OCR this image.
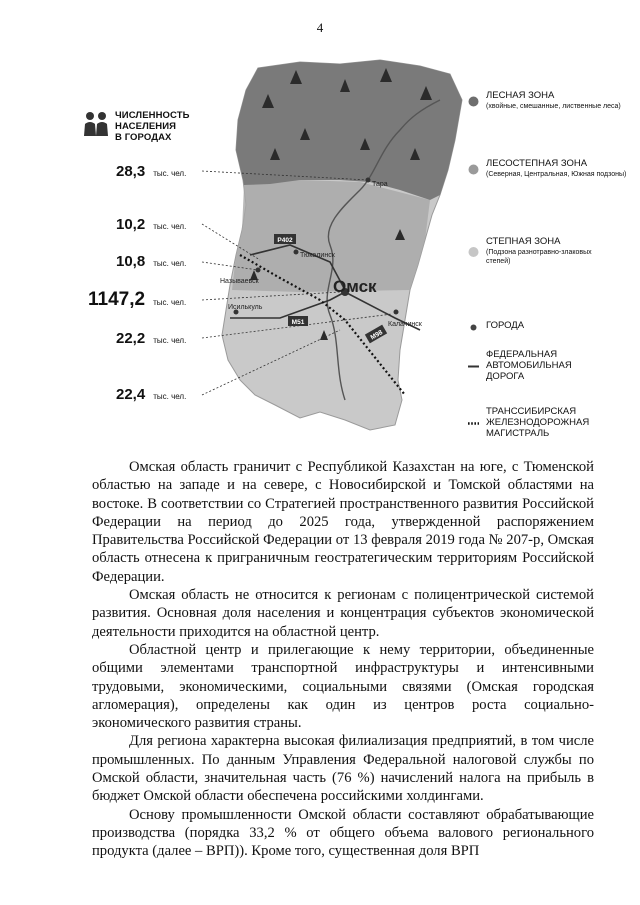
4
Р402
М51
М98
Тара
Тюкалинск
Называевск
Исилькуль
Калачинск
Омск
ЧИСЛЕННОСТЬ
НАСЕЛЕНИЯ
В ГОРОДАХ
28,3 тыс. чел.
10,2 тыс. чел.
10,8 тыс. чел.
1147,2 тыс. чел.
22,2 тыс. чел.
22,4 тыс. чел.
ЛЕСНАЯ ЗОНА
(хвойные, смешанные, лиственные леса)
ЛЕСОСТЕПНАЯ ЗОНА
(Северная, Центральная, Южная подзоны)
СТЕПНАЯ ЗОНА
(Подзона разнотравно-злаковых степей)
ГОРОДА
ФЕДЕРАЛЬНАЯ АВТОМОБИЛЬНАЯ ДОРОГА
ТРАНССИБИРСКАЯ ЖЕЛЕЗНОДОРОЖНАЯ МАГИСТРАЛЬ

Омская область граничит с Республикой Казахстан на юге, с Тюменской областью на западе и на севере, с Новосибирской и Томской областями на востоке. В соответствии со Стратегией пространственного развития Российской Федерации на период до 2025 года, утвержденной распоряжением Правительства Российской Федерации от 13 февраля 2019 года № 207-р, Омская область отнесена к приграничным геостратегическим территориям Российской Федерации.

Омская область не относится к регионам с полицентрической системой развития. Основная доля населения и концентрация субъектов экономической деятельности приходится на областной центр.

Областной центр и прилегающие к нему территории, объединенные общими элементами транспортной инфраструктуры и интенсивными трудовыми, экономическими, социальными связями (Омская городская агломерация), определены как один из центров роста социально-экономического развития страны.

Для региона характерна высокая филиализация предприятий, в том числе промышленных. По данным Управления Федеральной налоговой службы по Омской области, значительная часть (76 %) начислений налога на прибыль в бюджет Омской области обеспечена российскими холдингами.

Основу промышленности Омской области составляют обрабатывающие производства (порядка 33,2 % от общего объема валового регионального продукта (далее – ВРП)). Кроме того, существенная доля ВРП
